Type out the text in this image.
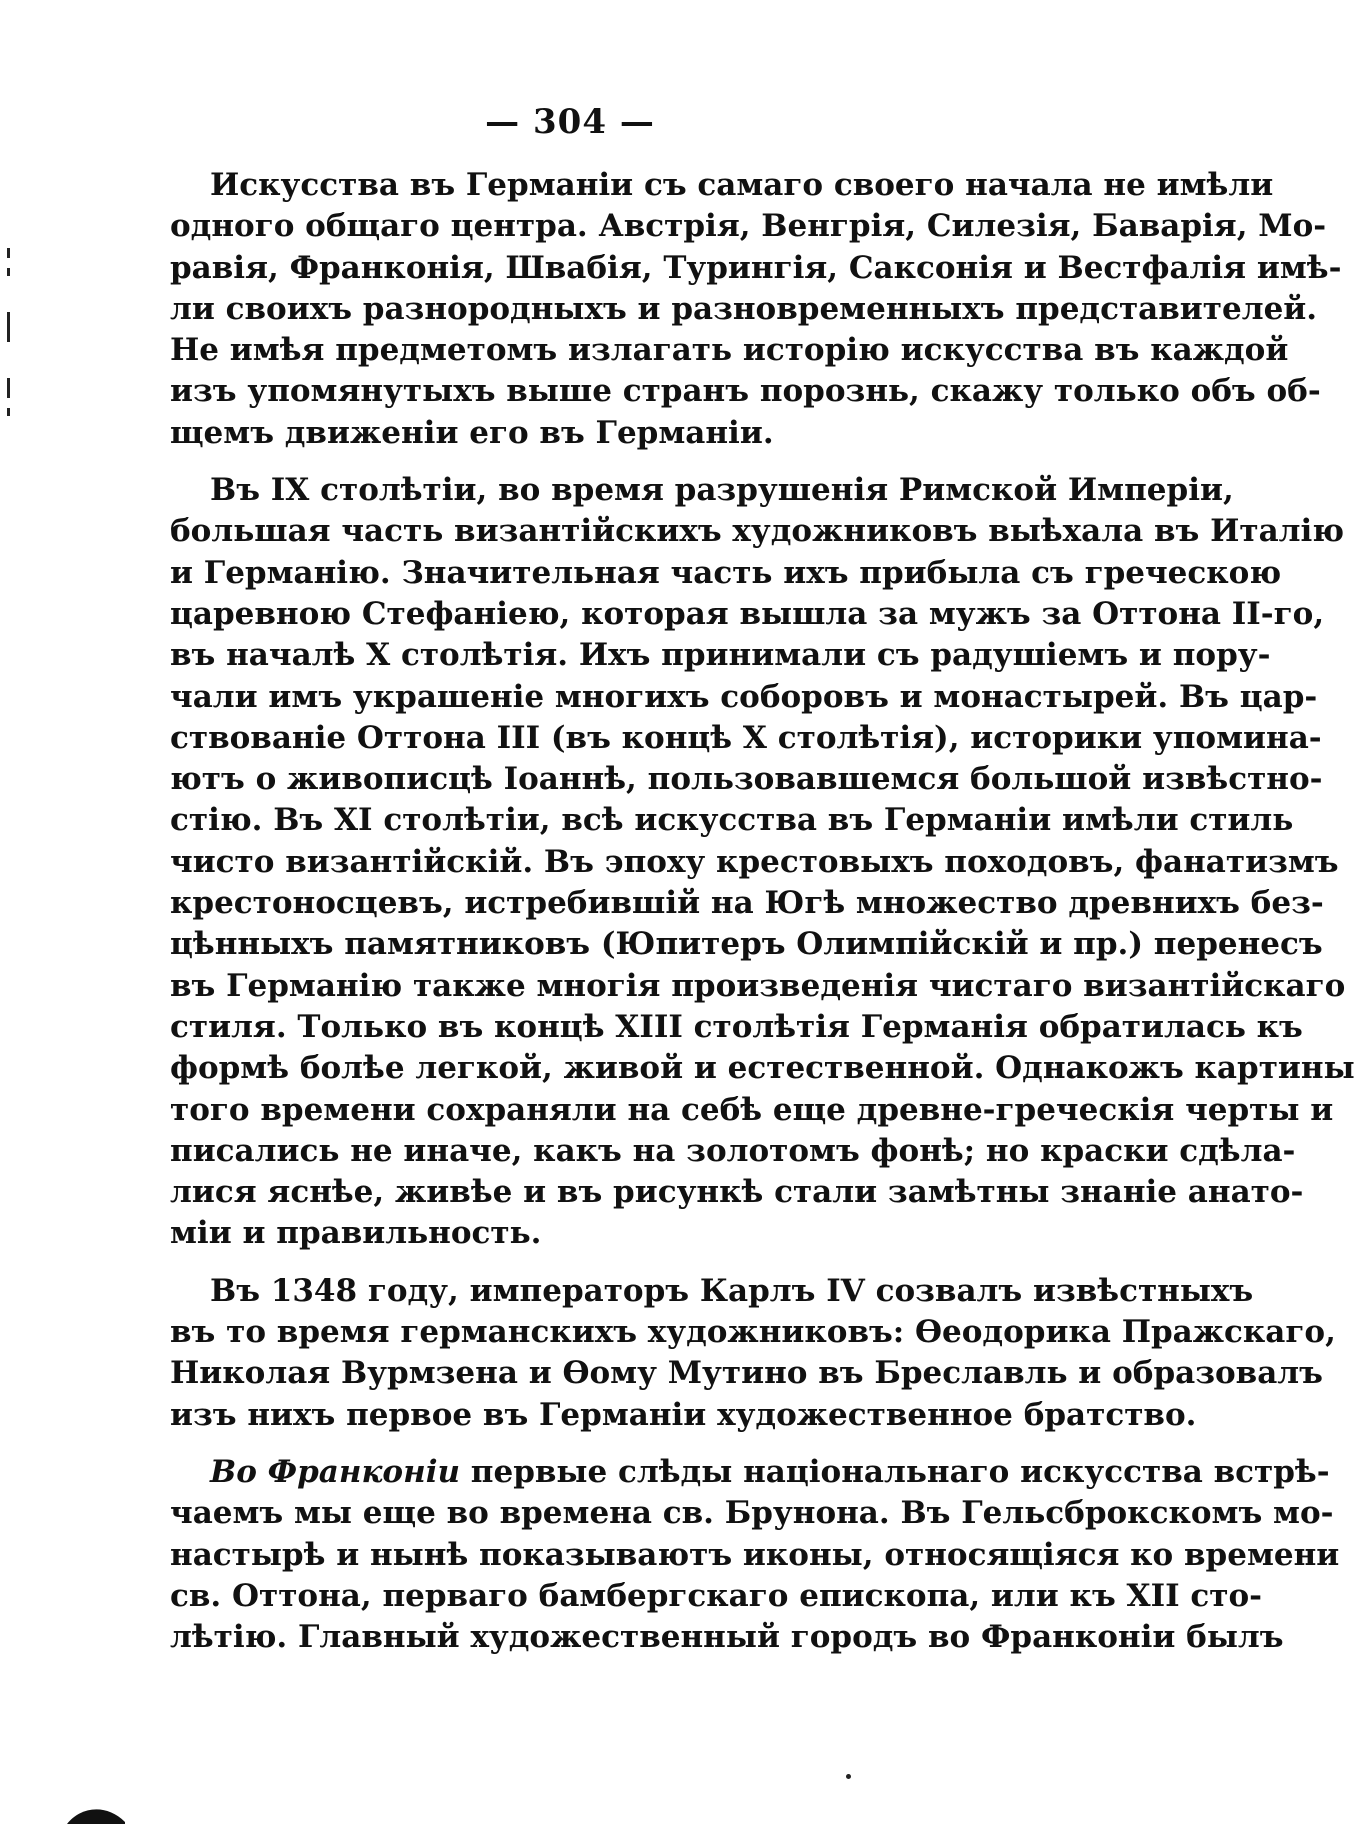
— 304 —
Искусства въ Германіи съ самаго своего начала не имѣли
одного общаго центра. Австрія, Венгрія, Силезія, Баварія, Мо-
равія, Франконія, Швабія, Турингія, Саксонія и Вестфалія имѣ-
ли своихъ разнородныхъ и разновременныхъ представителей.
Не имѣя предметомъ излагать исторію искусства въ каждой
изъ упомянутыхъ выше странъ порознь, скажу только объ об-
щемъ движеніи его въ Германіи.
Въ IX столѣтіи, во время разрушенія Римской Имперіи,
большая часть византійскихъ художниковъ выѣхала въ Италію
и Германію. Значительная часть ихъ прибыла съ греческою
царевною Стефаніею, которая вышла за мужъ за Оттона II-го,
въ началѣ X столѣтія. Ихъ принимали съ радушіемъ и пору-
чали имъ украшеніе многихъ соборовъ и монастырей. Въ цар-
ствованіе Оттона III (въ концѣ X столѣтія), историки упомина-
ютъ о живописцѣ Іоаннѣ, пользовавшемся большой извѣстно-
стію. Въ XI столѣтіи, всѣ искусства въ Германіи имѣли стиль
чисто византійскій. Въ эпоху крестовыхъ походовъ, фанатизмъ
крестоносцевъ, истребившій на Югѣ множество древнихъ без-
цѣнныхъ памятниковъ (Юпитеръ Олимпійскій и пр.) перенесъ
въ Германію также многія произведенія чистаго византійскаго
стиля. Только въ концѣ XIII столѣтія Германія обратилась къ
формѣ болѣе легкой, живой и естественной. Однакожъ картины
того времени сохраняли на себѣ еще древне-греческія черты и
писались не иначе, какъ на золотомъ фонѣ; но краски сдѣла-
лися яснѣе, живѣе и въ рисункѣ стали замѣтны знаніе анато-
міи и правильность.
Въ 1348 году, императоръ Карлъ IV созвалъ извѣстныхъ
въ то время германскихъ художниковъ: Ѳеодорика Пражскаго,
Николая Вурмзена и Ѳому Мутино въ Бреславль и образовалъ
изъ нихъ первое въ Германіи художественное братство.
Во Франконіи первые слѣды національнаго искусства встрѣ-
чаемъ мы еще во времена св. Брунона. Въ Гельсброкскомъ мо-
настырѣ и нынѣ показываютъ иконы, относящіяся ко времени
св. Оттона, перваго бамбергскаго епископа, или къ XII сто-
лѣтію. Главный художественный городъ во Франконіи былъ
